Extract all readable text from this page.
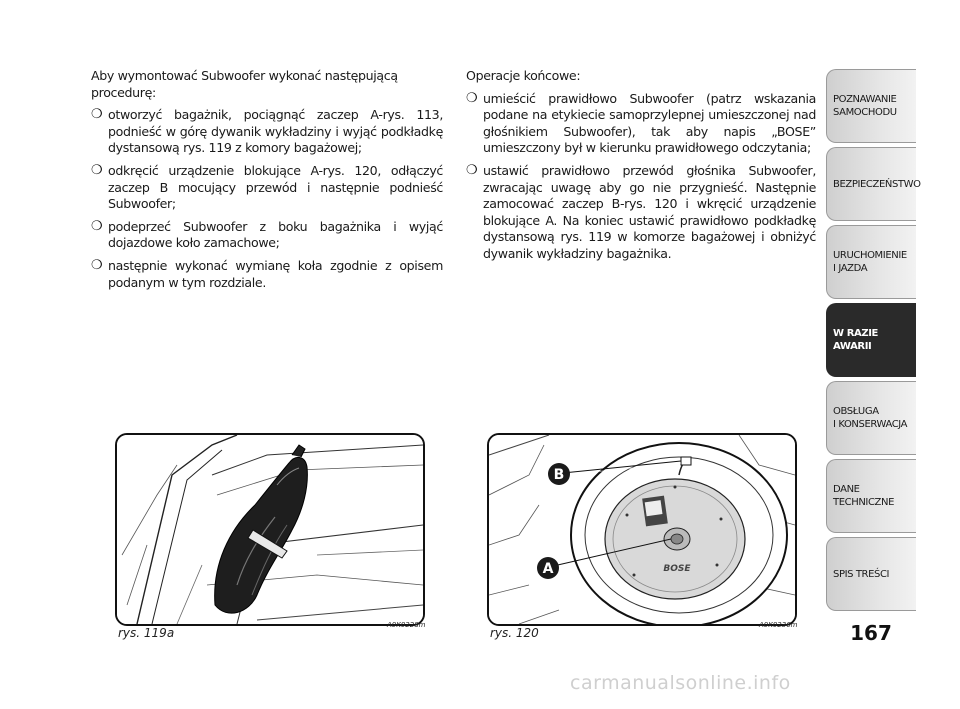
Aby wymontować Subwoofer wykonać następującą procedurę:

❍ otworzyć bagażnik, pociągnąć zaczep A-rys. 113, podnieść w górę dywanik wykładziny i wyjąć podkładkę dystansową rys. 119 z komory bagażowej;
❍ odkręcić urządzenie blokujące A-rys. 120, odłączyć zaczep B mocujący przewód i następnie podnieść Subwoofer;
❍ podeprzeć Subwoofer z boku bagażnika i wyjąć dojazdowe koło zamachowe;
❍ następnie wykonać wymianę koła zgodnie z opisem podanym w tym rozdziale.

Operacje końcowe:

❍ umieścić prawidłowo Subwoofer (patrz wskazania podane na etykiecie samoprzylepnej umieszczonej nad głośnikiem Subwoofer), tak aby napis „BOSE” umieszczony był w kierunku prawidłowego odczytania;
❍ ustawić prawidłowo przewód głośnika Subwoofer, zwracając uwagę aby go nie przygnieść. Następnie zamocować zaczep B-rys. 120 i wkręcić urządzenie blokujące A. Na koniec ustawić prawidłowo podkładkę dystansową rys. 119 w komorze bagażowej i obniżyć dywanik wykładziny bagażnika.
rys. 119a
A0K0228m
BOSE
B
A
rys. 120
A0K0236m
POZNAWANIE
SAMOCHODU
BEZPIECZEŃSTWO
URUCHOMIENIE
I JAZDA
W RAZIE AWARII
OBSŁUGA
I KONSERWACJA
DANE
TECHNICZNE
SPIS TREŚCI
167
carmanualsonline.info
